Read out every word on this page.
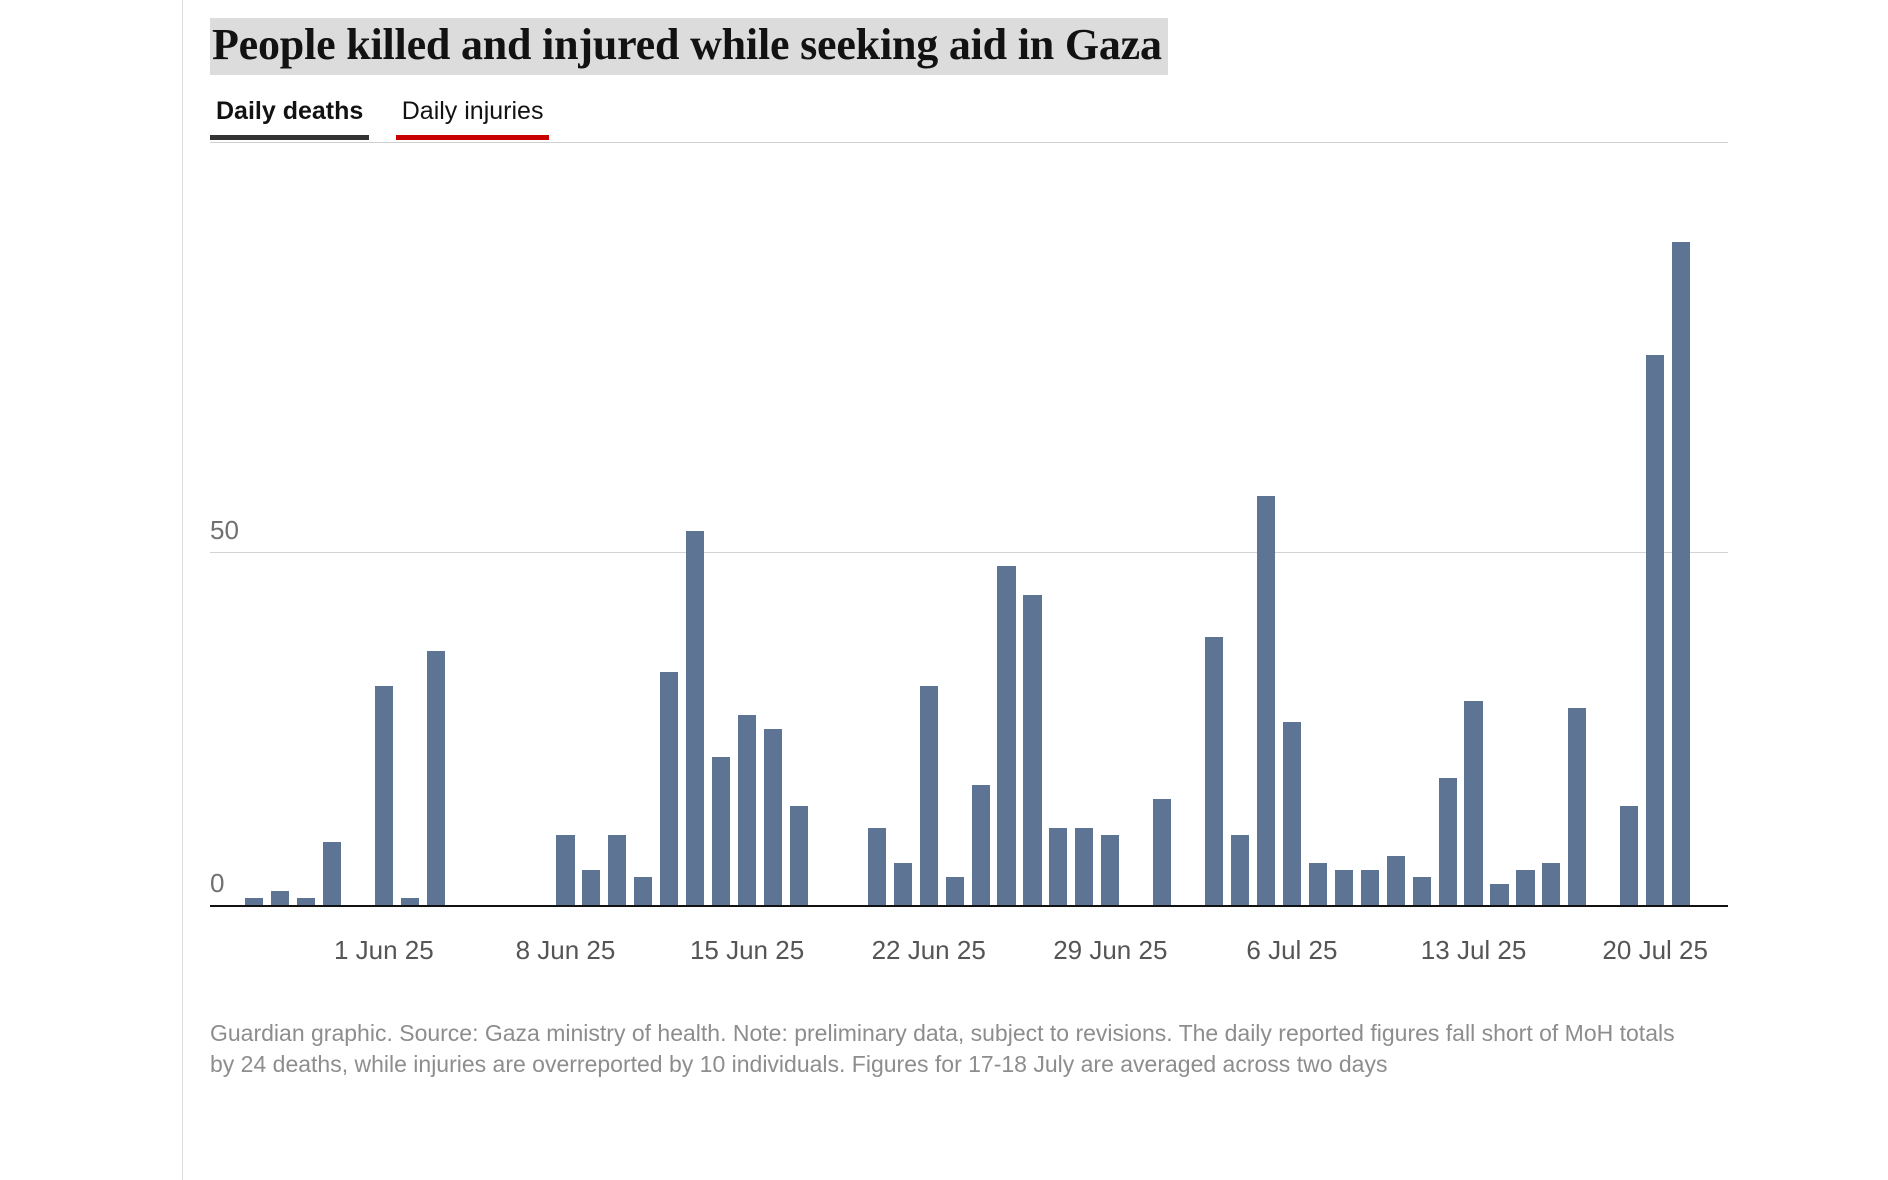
People killed and injured while seeking aid in Gaza
Daily deaths Daily injuries
0
50
1 Jun 25	8 Jun 25	15 Jun 25	22 Jun 25	29 Jun 25	6 Jul 25	13 Jul 25	20 Jul 25
Guardian graphic. Source: Gaza ministry of health. Note: preliminary data, subject to revisions. The daily reported figures fall short of MoH totals by 24 deaths, while injuries are overreported by 10 individuals. Figures for 17-18 July are averaged across two days
